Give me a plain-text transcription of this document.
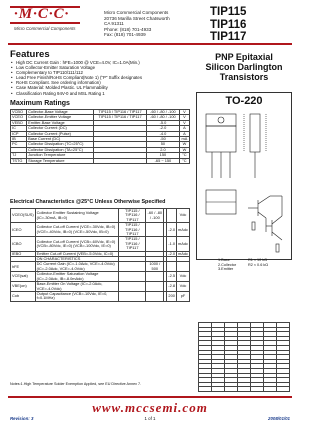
·M·C·C·
Micro Commercial Components
Micro Commercial Components
20736 Marilla Street Chatsworth
CA 91311
Phone: (818) 701-4933
Fax: (818) 701-4939
TIP115
TIP116
TIP117
Features
• High DC Current Gain : hFE=1000 @ VCE=4.0V, IC=1.0A(Min.)
• Low Collector-Emitter Saturation Voltage
• Complementary to TIP110/111/112
• Lead Free Finish/RoHS Compliant(Note 1) ("P" Suffix designates
• RoHS Compliant. See ordering information)
• Case Material: Molded Plastic. UL Flammability
• Classification Rating 94V-0 and MSL Rating 1
PNP Epitaxial
Silicon Darlington
Transistors
TO-220
1.Base
2.Collector
3.Emitter
R1 ≈ 10 kΩ
R2 ≈ 0.6 kΩ

Maximum Ratings
VCBO	Collector-Base Voltage	TIP115 / TIP116 / TIP117	-60 / -80 / -100	V
VCEO	Collector-Emitter Voltage	TIP115 / TIP116 / TIP117	-60 / -80 / -100	V
VEBO	Emitter-Base Voltage		-5.0	V
IC	Collector Current (DC)		-2.0	A
ICP	Collector Current (Pulse)		-4.0	A
IB	Base Current (DC)		-50	mA
PC	Collector Dissipation (TC=25°C)		50	W
	Collector Dissipation (TA=25°C)		2.0	W
TJ	Junction Temperature		150	°C
TSTG	Storage Temperature		-65 ~ 150	°C
Electrical Characteristics @25°C Unless Otherwise Specified
VCEO(SUS)	Collector Emitter Sustaining Voltage (IC=-30mA, IB=0)	TIP115 / TIP116 / TIP117	-60 / -80 / -100			Vdc
ICEO	Collector Cut-off Current (VCE=-30Vdc, IB=0) (VCE=-40Vdc, IB=0) (VCE=-50Vdc, IB=0)	TIP115 / TIP116 / TIP117			-2.0	mAdc
ICBO	Collector Cut-off Current (VCB=-60Vdc, IE=0) (VCB=-80Vdc, IE=0) (VCB=-100Vdc, IE=0)	TIP115 / TIP116 / TIP117			-1.0	mAdc
IEBO	Emitter Cut-off Current (VEB=-5.0Vdc, IC=0)				-2.0	mAdc
	ON CHARACTERISTICS					
hFE	DC Current Gain (IC=-1.0Adc, VCE=-4.0Vdc) (IC=-2.0Adc, VCE=-4.0Vdc)		1000 / 500			
VCE(sat)	Collector-Emitter Saturation Voltage (IC=-2.0Adc, IB=-8.0mAdc)				-2.5	Vdc
VBE(on)	Base-Emitter On Voltage (IC=-2.0Adc, VCE=-4.0Vdc)				-2.8	Vdc
Cob	Output Capacitance (VCB=-10Vdc, IE=0, f=0.1MHz)				200	pF
Notes:1.High Temperature Solder Exemption Applied, see EU Directive Annex 7.
www.mccsemi.com
Revision: 3	1 of 1	2008/01/01
